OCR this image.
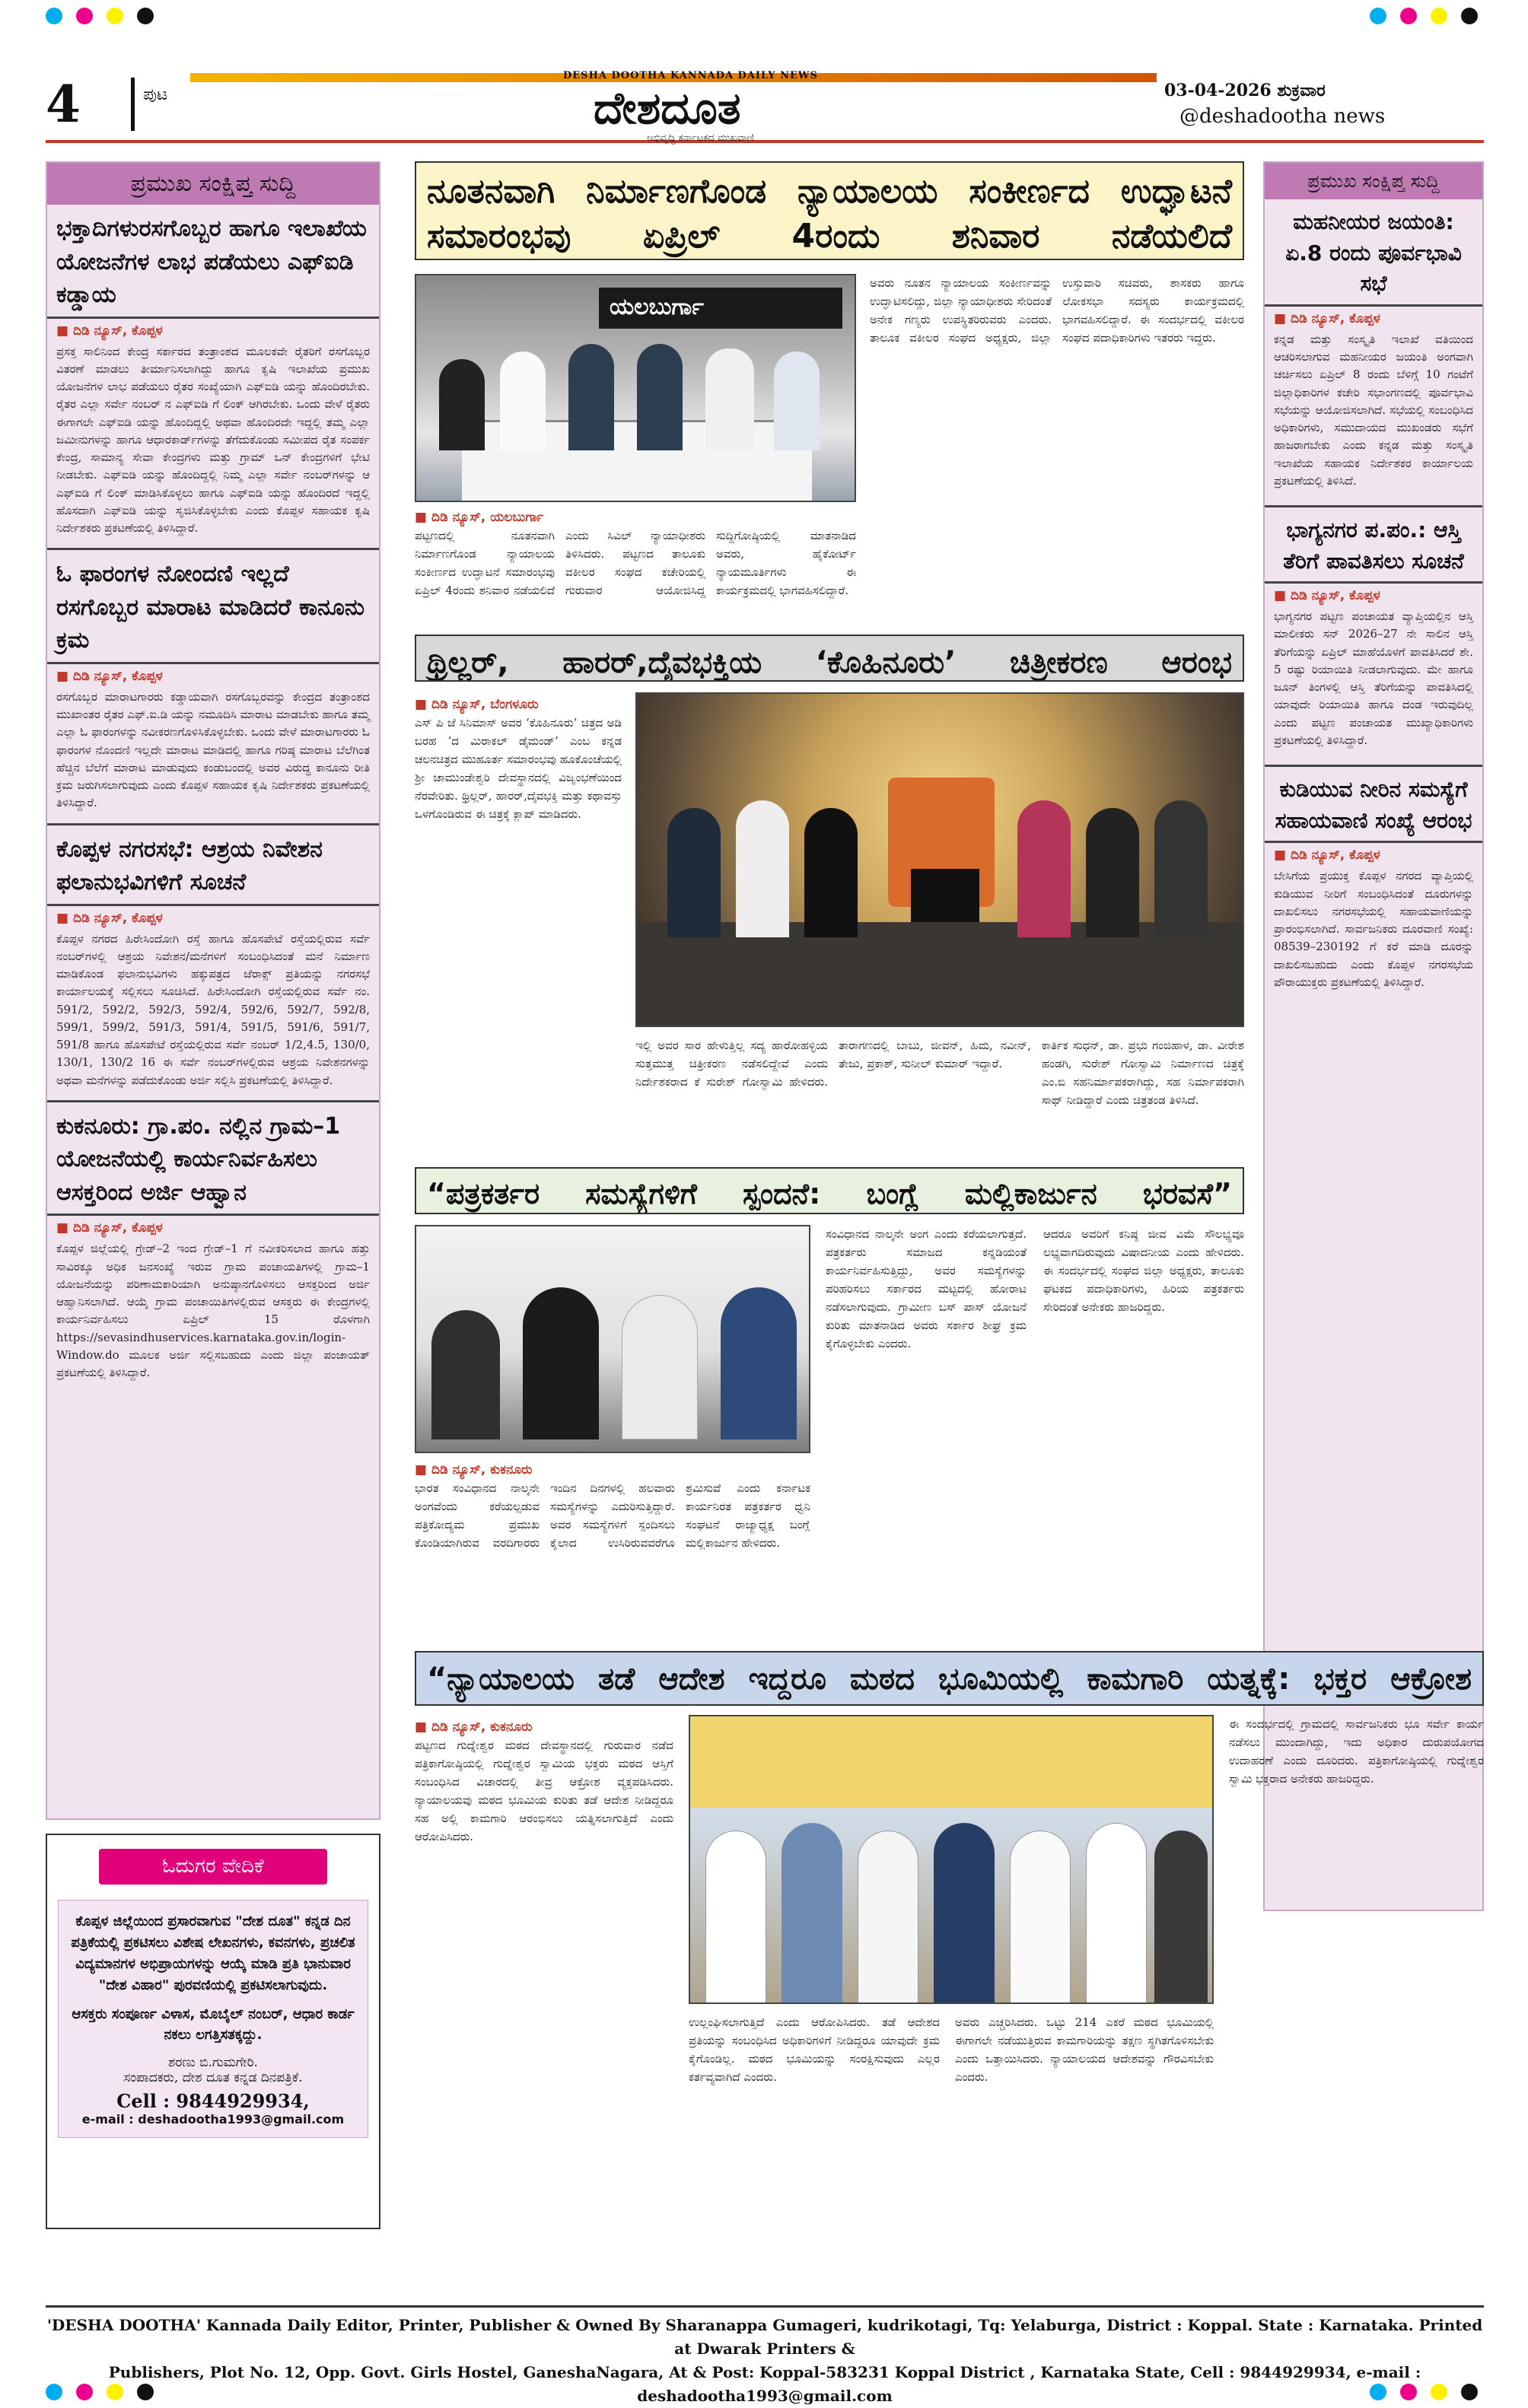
4	ಪುಟ
DESHA DOOTHA KANNADA DAILY NEWS
ದೇಶದೂತ
ಅಭಿವೃದ್ಧಿ ಕರ್ನಾಟಕದ ಮುಖವಾಣಿ
03-04-2026 ಶುಕ್ರವಾರ
@deshadootha news
ಪ್ರಮುಖ ಸಂಕ್ಷಿಪ್ತ ಸುದ್ದಿ
ಭಕ್ತಾದಿಗಳುರಸಗೊಬ್ಬರ ಹಾಗೂ ಇಲಾಖೆಯ ಯೋಜನೆಗಳ ಲಾಭ ಪಡೆಯಲು ಎಫ್ಐಡಿ ಕಡ್ಡಾಯ
■ ದಿಡಿ ನ್ಯೂಸ್, ಕೊಪ್ಪಳ
ಪ್ರಸಕ್ತ ಸಾಲಿನಿಂದ ಕೇಂದ್ರ ಸರ್ಕಾರದ ತಂತ್ರಾಂಶದ ಮೂಲಕವೇ ರೈತರಿಗೆ ರಸಗೊಬ್ಬರ ವಿತರಣೆ ಮಾಡಲು ತೀರ್ಮಾನಿಸಲಾಗಿದ್ದು ಹಾಗೂ ಕೃಷಿ ಇಲಾಖೆಯ ಪ್ರಮುಖ ಯೋಜನೆಗಳ ಲಾಭ ಪಡೆಯಲು ರೈತರ ಸಂಖ್ಯೆಯಾಗಿ ಎಫ್ಐಡಿ ಯನ್ನು ಹೊಂದಿರಬೇಕು. ರೈತರ ಎಲ್ಲಾ ಸರ್ವೇ ನಂಬರ್ ನ ಎಫ್ಐಡಿ ಗೆ ಲಿಂಕ್ ಆಗಿರಬೇಕು. ಒಂದು ವೇಳೆ ರೈತರು ಈಗಾಗಲೇ ಎಫ್ಐಡಿ ಯನ್ನು ಹೊಂದಿದ್ದಲ್ಲಿ ಅಥವಾ ಹೊಂದಿರದೇ ಇದ್ದಲ್ಲಿ ತಮ್ಮ ಎಲ್ಲಾ ಜಮೀನುಗಳನ್ನು ಹಾಗೂ ಆಧಾರಕಾರ್ಡ್‌ಗಳನ್ನು ತೆಗೆದುಕೊಂಡು ಸಮೀಪದ ರೈತ ಸಂಪರ್ಕ ಕೇಂದ್ರ, ಸಾಮಾನ್ಯ ಸೇವಾ ಕೇಂದ್ರಗಳು ಮತ್ತು ಗ್ರಾಮ್ ಒನ್ ಕೇಂದ್ರಗಳಿಗೆ ಭೇಟಿ ನೀಡಬೇಕು. ಎಫ್ಐಡಿ ಯನ್ನು ಹೊಂದಿದ್ದಲ್ಲಿ ನಿಮ್ಮ ಎಲ್ಲಾ ಸರ್ವೇ ನಂಬರ್‌ಗಳನ್ನು ಆ ಎಫ್ಐಡಿ ಗೆ ಲಿಂಕ್ ಮಾಡಿಸಿಕೊಳ್ಳಲು ಹಾಗೂ ಎಫ್ಐಡಿ ಯನ್ನು ಹೊಂದಿರದೆ ಇದ್ದಲ್ಲಿ ಹೊಸದಾಗಿ ಎಫ್ಐಡಿ ಯನ್ನು ಸೃಜಿಸಿಕೊಳ್ಳಬೇಕು ಎಂದು ಕೊಪ್ಪಳ ಸಹಾಯಕ ಕೃಷಿ ನಿರ್ದೇಶಕರು ಪ್ರಕಟಣೆಯಲ್ಲಿ ತಿಳಿಸಿದ್ದಾರೆ.
ಓ ಫಾರಂಗಳ ನೋಂದಣಿ ಇಲ್ಲದೆ ರಸಗೊಬ್ಬರ ಮಾರಾಟ ಮಾಡಿದರೆ ಕಾನೂನು ಕ್ರಮ
■ ದಿಡಿ ನ್ಯೂಸ್, ಕೊಪ್ಪಳ
ರಸಗೊಬ್ಬರ ಮಾರಾಟಗಾರರು ಕಡ್ಡಾಯವಾಗಿ ರಸಗೊಬ್ಬರವನ್ನು ಕೇಂದ್ರದ ತಂತ್ರಾಂಶದ ಮುಖಾಂತರ ರೈತರ ಎಫ್.ಐ.ಡಿ ಯನ್ನು ನಮೂದಿಸಿ ಮಾರಾಟ ಮಾಡಬೇಕು ಹಾಗೂ ತಮ್ಮ ಎಲ್ಲಾ ಓ ಫಾರಂಗಳನ್ನು ನವೀಕರಣಗೊಳಿಸಿಕೊಳ್ಳಬೇಕು. ಒಂದು ವೇಳೆ ಮಾರಾಟಗಾರರು ಓ ಫಾರಂಗಳ ನೊಂದಣಿ ಇಲ್ಲದೇ ಮಾರಾಟ ಮಾಡಿದಲ್ಲಿ ಹಾಗೂ ಗರಿಷ್ಠ ಮಾರಾಟ ಬೆಲೆಗಿಂತ ಹೆಚ್ಚಿನ ಬೆಲೆಗೆ ಮಾರಾಟ ಮಾಡುವುದು ಕಂಡುಬಂದಲ್ಲಿ ಅವರ ವಿರುದ್ಧ ಕಾನೂನು ರೀತಿ ಕ್ರಮ ಜರುಗಿಸಲಾಗುವುದು ಎಂದು ಕೊಪ್ಪಳ ಸಹಾಯಕ ಕೃಷಿ ನಿರ್ದೇಶಕರು ಪ್ರಕಟಣೆಯಲ್ಲಿ ತಿಳಿಸಿದ್ದಾರೆ.
ಕೊಪ್ಪಳ ನಗರಸಭೆ: ಆಶ್ರಯ ನಿವೇಶನ ಫಲಾನುಭವಿಗಳಿಗೆ ಸೂಚನೆ
■ ದಿಡಿ ನ್ಯೂಸ್, ಕೊಪ್ಪಳ
ಕೊಪ್ಪಳ ನಗರದ ಹಿರೇಸಿಂದೋಗಿ ರಸ್ತೆ ಹಾಗೂ ಹೊಸಪೇಟೆ ರಸ್ತೆಯಲ್ಲಿರುವ ಸರ್ವೆ ನಂಬರ್‌ಗಳಲ್ಲಿ ಆಶ್ರಯ ನಿವೇಶನ/ಮನೆಗಳಿಗೆ ಸಂಬಂಧಿಸಿದಂತೆ ಮನೆ ನಿರ್ಮಾಣ ಮಾಡಿಕೊಂಡ ಫಲಾನುಭವಿಗಳು ಹಕ್ಕುಪತ್ರದ ಜೆರಾಕ್ಸ್ ಪ್ರತಿಯನ್ನು ನಗರಸಭೆ ಕಾರ್ಯಾಲಯಕ್ಕೆ ಸಲ್ಲಿಸಲು ಸೂಚಿಸಿದೆ. ಹಿರೇಸಿಂದೋಗಿ ರಸ್ತೆಯಲ್ಲಿರುವ ಸರ್ವೆ ನಂ. 591/2, 592/2, 592/3, 592/4, 592/6, 592/7, 592/8, 599/1, 599/2, 591/3, 591/4, 591/5, 591/6, 591/7, 591/8 ಹಾಗೂ ಹೊಸಪೇಟೆ ರಸ್ತೆಯಲ್ಲಿರುವ ಸರ್ವೆ ನಂಬರ್ 1/2,4.5, 130/0, 130/1, 130/2 16 ಈ ಸರ್ವೆ ನಂಬರ್‌ಗಳಲ್ಲಿರುವ ಆಶ್ರಯ ನಿವೇಶನಗಳನ್ನು ಅಥವಾ ಮನೆಗಳನ್ನು ಪಡೆದುಕೊಂಡು ಅರ್ಜಿ ಸಲ್ಲಿಸಿ ಪ್ರಕಟಣೆಯಲ್ಲಿ ತಿಳಿಸಿದ್ದಾರೆ.
ಕುಕನೂರು: ಗ್ರಾ.ಪಂ. ನಲ್ಲಿನ ಗ್ರಾಮ–1 ಯೋಜನೆಯಲ್ಲಿ ಕಾರ್ಯನಿರ್ವಹಿಸಲು ಆಸಕ್ತರಿಂದ ಅರ್ಜಿ ಆಹ್ವಾನ
■ ದಿಡಿ ನ್ಯೂಸ್, ಕೊಪ್ಪಳ
ಕೊಪ್ಪಳ ಜಿಲ್ಲೆಯಲ್ಲಿ ಗ್ರೇಡ್–2 ಇಂದ ಗ್ರೇಡ್–1 ಗೆ ನವೀಕರಿಸಲಾದ ಹಾಗೂ ಹತ್ತು ಸಾವಿರಕ್ಕೂ ಅಧಿಕ ಜನಸಂಖ್ಯೆ ಇರುವ ಗ್ರಾಮ ಪಂಚಾಯತಿಗಳಲ್ಲಿ ಗ್ರಾಮ–1 ಯೋಜನೆಯನ್ನು ಪರಿಣಾಮಕಾರಿಯಾಗಿ ಅನುಷ್ಠಾನಗೊಳಿಸಲು ಆಸಕ್ತರಿಂದ ಅರ್ಜಿ ಆಹ್ವಾನಿಸಲಾಗಿದೆ. ಆಯ್ಕೆ ಗ್ರಾಮ ಪಂಚಾಯಿತಿಗಳಲ್ಲಿರುವ ಆಸಕ್ತರು ಈ ಕೇಂದ್ರಗಳಲ್ಲಿ ಕಾರ್ಯನಿರ್ವಹಿಸಲು ಏಪ್ರಿಲ್ 15 ರೊಳಗಾಗಿ https://sevasindhuservices.karnataka.gov.in/login-Window.do ಮೂಲಕ ಅರ್ಜಿ ಸಲ್ಲಿಸಬಹುದು ಎಂದು ಜಿಲ್ಲಾ ಪಂಚಾಯತ್ ಪ್ರಕಟಣೆಯಲ್ಲಿ ತಿಳಿಸಿದ್ದಾರೆ.
ಓದುಗರ ವೇದಿಕೆ
ಕೊಪ್ಪಳ ಜಿಲ್ಲೆಯಿಂದ ಪ್ರಸಾರವಾಗುವ "ದೇಶ ದೂತ" ಕನ್ನಡ ದಿನ ಪತ್ರಿಕೆಯಲ್ಲಿ ಪ್ರಕಟಿಸಲು ವಿಶೇಷ ಲೇಖನಗಳು, ಕವನಗಳು, ಪ್ರಚಲಿತ ವಿದ್ಯಮಾನಗಳ ಅಭಿಪ್ರಾಯಗಳನ್ನು ಆಯ್ಕೆ ಮಾಡಿ ಪ್ರತಿ ಭಾನುವಾರ "ದೇಶ ವಿಹಾರ" ಪುರವಣಿಯಲ್ಲಿ ಪ್ರಕಟಿಸಲಾಗುವುದು.
ಆಸಕ್ತರು ಸಂಪೂರ್ಣ ವಿಳಾಸ, ಮೊಬೈಲ್ ನಂಬರ್, ಆಧಾರ ಕಾರ್ಡ ನಕಲು ಲಗತ್ತಿಸತಕ್ಕದ್ದು.
ಶರಣು ಬಿ.ಗುಮಗೇರಿ.
ಸಂಪಾದಕರು, ದೇಶ ದೂತ ಕನ್ನಡ ದಿನಪತ್ರಿಕೆ.
Cell : 9844929934,
e-mail : deshadootha1993@gmail.com
ಪ್ರಮುಖ ಸಂಕ್ಷಿಪ್ತ ಸುದ್ದಿ
ಮಹನೀಯರ ಜಯಂತಿ: ಏ.8 ರಂದು ಪೂರ್ವಭಾವಿ ಸಭೆ
■ ದಿಡಿ ನ್ಯೂಸ್, ಕೊಪ್ಪಳ
ಕನ್ನಡ ಮತ್ತು ಸಂಸ್ಕೃತಿ ಇಲಾಖೆ ವತಿಯಿಂದ ಆಚರಿಸಲಾಗುವ ಮಹನೀಯರ ಜಯಂತಿ ಅಂಗವಾಗಿ ಚರ್ಚಿಸಲು ಏಪ್ರಿಲ್ 8 ರಂದು ಬೆಳಿಗ್ಗೆ 10 ಗಂಟೆಗೆ ಜಿಲ್ಲಾಧಿಕಾರಿಗಳ ಕಚೇರಿ ಸಭಾಂಗಣದಲ್ಲಿ ಪೂರ್ವಭಾವಿ ಸಭೆಯನ್ನು ಆಯೋಜಿಸಲಾಗಿದೆ. ಸಭೆಯಲ್ಲಿ ಸಂಬಂಧಿಸಿದ ಅಧಿಕಾರಿಗಳು, ಸಮುದಾಯದ ಮುಖಂಡರು ಸಭೆಗೆ ಹಾಜರಾಗಬೇಕು ಎಂದು ಕನ್ನಡ ಮತ್ತು ಸಂಸ್ಕೃತಿ ಇಲಾಖೆಯ ಸಹಾಯಕ ನಿರ್ದೇಶಕರ ಕಾರ್ಯಾಲಯ ಪ್ರಕಟಣೆಯಲ್ಲಿ ತಿಳಿಸಿದೆ.
ಭಾಗ್ಯನಗರ ಪ.ಪಂ.: ಆಸ್ತಿ ತೆರಿಗೆ ಪಾವತಿಸಲು ಸೂಚನೆ
■ ದಿಡಿ ನ್ಯೂಸ್, ಕೊಪ್ಪಳ
ಭಾಗ್ಯನಗರ ಪಟ್ಟಣ ಪಂಚಾಯತ ವ್ಯಾಪ್ತಿಯಲ್ಲಿನ ಆಸ್ತಿ ಮಾಲೀಕರು ಸನ್ 2026–27 ನೇ ಸಾಲಿನ ಆಸ್ತಿ ತೆರಿಗೆಯನ್ನು ಏಪ್ರಿಲ್ ಮಾಹೆಯೊಳಗೆ ಪಾವತಿಸಿದರೆ ಶೇ. 5 ರಷ್ಟು ರಿಯಾಯಿತಿ ನೀಡಲಾಗುವುದು. ಮೇ ಹಾಗೂ ಜೂನ್ ತಿಂಗಳಲ್ಲಿ ಆಸ್ತಿ ತೆರಿಗೆಯನ್ನು ಪಾವತಿಸಿದಲ್ಲಿ ಯಾವುದೇ ರಿಯಾಯಿತಿ ಹಾಗೂ ದಂಡ ಇರುವುದಿಲ್ಲ ಎಂದು ಪಟ್ಟಣ ಪಂಚಾಯತ ಮುಖ್ಯಾಧಿಕಾರಿಗಳು ಪ್ರಕಟಣೆಯಲ್ಲಿ ತಿಳಿಸಿದ್ದಾರೆ.
ಕುಡಿಯುವ ನೀರಿನ ಸಮಸ್ಯೆಗೆ ಸಹಾಯವಾಣಿ ಸಂಖ್ಯೆ ಆರಂಭ
■ ದಿಡಿ ನ್ಯೂಸ್, ಕೊಪ್ಪಳ
ಬೇಸಿಗೆಯ ಪ್ರಯುಕ್ತ ಕೊಪ್ಪಳ ನಗರದ ವ್ಯಾಪ್ತಿಯಲ್ಲಿ ಕುಡಿಯುವ ನೀರಿಗೆ ಸಂಬಂಧಿಸಿದಂತೆ ದೂರುಗಳನ್ನು ದಾಖಲಿಸಲು ನಗರಸಭೆಯಲ್ಲಿ ಸಹಾಯವಾಣಿಯನ್ನು ಪ್ರಾರಂಭಿಸಲಾಗಿದೆ. ಸಾರ್ವಜನಿಕರು ದೂರವಾಣಿ ಸಂಖ್ಯೆ: 08539–230192 ಗೆ ಕರೆ ಮಾಡಿ ದೂರನ್ನು ದಾಖಲಿಸಬಹುದು ಎಂದು ಕೊಪ್ಪಳ ನಗರಸಭೆಯ ಪೌರಾಯುಕ್ತರು ಪ್ರಕಟಣೆಯಲ್ಲಿ ತಿಳಿಸಿದ್ದಾರೆ.
ನೂತನವಾಗಿ ನಿರ್ಮಾಣಗೊಂಡ ನ್ಯಾಯಾಲಯ ಸಂಕೀರ್ಣದ ಉದ್ಘಾಟನೆ ಸಮಾರಂಭವು ಏಪ್ರಿಲ್ 4ರಂದು ಶನಿವಾರ ನಡೆಯಲಿದೆ
ಯಲಬುರ್ಗಾ
■ ದಿಡಿ ನ್ಯೂಸ್, ಯಲಬುರ್ಗಾ
ಪಟ್ಟಣದಲ್ಲಿ ನೂತನವಾಗಿ ನಿರ್ಮಾಣಗೊಂಡ ನ್ಯಾಯಾಲಯ ಸಂಕೀರ್ಣದ ಉದ್ಘಾಟನೆ ಸಮಾರಂಭವು ಏಪ್ರಿಲ್ 4ರಂದು ಶನಿವಾರ ನಡೆಯಲಿದೆ ಎಂದು ಸಿವಿಲ್ ನ್ಯಾಯಾಧೀಶರು ತಿಳಿಸಿದರು. ಪಟ್ಟಣದ ತಾಲೂಕು ವಕೀಲರ ಸಂಘದ ಕಚೇರಿಯಲ್ಲಿ ಗುರುವಾರ ಆಯೋಜಿಸಿದ್ದ ಸುದ್ದಿಗೋಷ್ಠಿಯಲ್ಲಿ ಮಾತನಾಡಿದ ಅವರು, ಹೈಕೋರ್ಟ್ ನ್ಯಾಯಮೂರ್ತಿಗಳು ಈ ಕಾರ್ಯಕ್ರಮದಲ್ಲಿ ಭಾಗವಹಿಸಲಿದ್ದಾರೆ.
ಅವರು ನೂತನ ನ್ಯಾಯಾಲಯ ಸಂಕೀರ್ಣವನ್ನು ಉದ್ಘಾಟಿಸಲಿದ್ದು, ಜಿಲ್ಲಾ ನ್ಯಾಯಾಧೀಶರು ಸೇರಿದಂತೆ ಅನೇಕ ಗಣ್ಯರು ಉಪಸ್ಥಿತರಿರುವರು ಎಂದರು. ತಾಲೂಕ ವಕೀಲರ ಸಂಘದ ಅಧ್ಯಕ್ಷರು, ಜಿಲ್ಲಾ ಉಸ್ತುವಾರಿ ಸಚಿವರು, ಶಾಸಕರು ಹಾಗೂ ಲೋಕಸಭಾ ಸದಸ್ಯರು ಕಾರ್ಯಕ್ರಮದಲ್ಲಿ ಭಾಗವಹಿಸಲಿದ್ದಾರೆ. ಈ ಸಂದರ್ಭದಲ್ಲಿ ವಕೀಲರ ಸಂಘದ ಪದಾಧಿಕಾರಿಗಳು ಇತರರು ಇದ್ದರು.
ಥ್ರಿಲ್ಲರ್, ಹಾರರ್,ದೈವಭಕ್ತಿಯ ‘ಕೊಹಿನೂರು’ ಚಿತ್ರೀಕರಣ ಆರಂಭ
■ ದಿಡಿ ನ್ಯೂಸ್, ಬೆಂಗಳೂರು
ಎಸ್ ಪಿ ಜೆ ಸಿನಿಮಾಸ್ ಅವರ ‘ಕೊಹಿನೂರು’ ಚಿತ್ರದ ಅಡಿ ಬರಹ ‘ದ ಮಿರಾಕಲ್ ಡೈಮಂಡ್’ ಎಂಬ ಕನ್ನಡ ಚಲನಚಿತ್ರದ ಮುಹೂರ್ತ ಸಮಾರಂಭವು ಹೂಕೊಂಚೆಯಲ್ಲಿ ಶ್ರೀ ಚಾಮುಂಡೇಶ್ವರಿ ದೇವಸ್ಥಾನದಲ್ಲಿ ವಿಜೃಂಭಣೆಯಿಂದ ನೆರವೇರಿತು. ಥ್ರಿಲ್ಲರ್, ಹಾರರ್,ದೈವಭಕ್ತಿ ಮತ್ತು ಕಥಾವಸ್ತು ಒಳಗೊಂಡಿರುವ ಈ ಚಿತ್ರಕ್ಕೆ ಕ್ಲಾಪ್ ಮಾಡಿದರು.
ಇಲ್ಲಿ ಅವರ ಸಾರ ಹೇಳುತ್ತಿಲ್ಲ ಸದ್ಯ ಹಾರೋಹಳ್ಳಿಯ ಸುತ್ತಮುತ್ತ ಚಿತ್ರೀಕರಣ ನಡೆಸಲಿದ್ದೇವೆ ಎಂದು ನಿರ್ದೇಶಕರಾದ ಕೆ ಸುರೇಶ್ ಗೋಸ್ವಾಮಿ ಹೇಳಿದರು. ತಾರಾಗಣದಲ್ಲಿ ಬಾಬು, ಜೀವನ್, ಹಿಮ, ನವೀನ್, ತೇಜು, ಪ್ರಕಾಶ್, ಸುನೀಲ್ ಕುಮಾರ್ ಇದ್ದಾರೆ.
ಕಾರ್ತಿಕ ಸುಧನ್, ಡಾ. ಪ್ರಭು ಗಂಜಿಹಾಳ, ಡಾ. ವೀರೇಶ ಹಂಡಗಿ, ಸುರೇಶ್ ಗೋಸ್ವಾಮಿ ನಿರ್ಮಾಣದ ಚಿತ್ರಕ್ಕೆ ಎಂ.ಬಿ ಸಹನಿರ್ಮಾಪಕರಾಗಿದ್ದು, ಸಹ ನಿರ್ಮಾಪಕರಾಗಿ ಸಾಥ್ ನೀಡಿದ್ದಾರೆ ಎಂದು ಚಿತ್ರತಂಡ ತಿಳಿಸಿದೆ.
“ಪತ್ರಕರ್ತರ ಸಮಸ್ಯೆಗಳಿಗೆ ಸ್ಪಂದನೆ: ಬಂಗ್ಲೆ ಮಲ್ಲಿಕಾರ್ಜುನ ಭರವಸೆ”
■ ದಿಡಿ ನ್ಯೂಸ್, ಕುಕನೂರು
ಭಾರತ ಸಂವಿಧಾನದ ನಾಲ್ಕನೇ ಅಂಗವೆಂದು ಕರೆಯಲ್ಪಡುವ ಪತ್ರಿಕೋದ್ಯಮ ಪ್ರಮುಖ ಕೊಂಡಿಯಾಗಿರುವ ವರದಿಗಾರರು ಇಂದಿನ ದಿನಗಳಲ್ಲಿ ಹಲವಾರು ಸಮಸ್ಯೆಗಳನ್ನು ಎದುರಿಸುತ್ತಿದ್ದಾರೆ. ಅವರ ಸಮಸ್ಯೆಗಳಿಗೆ ಸ್ಪಂದಿಸಲು ಕೈಲಾದ ಉಸಿರಿರುವವರೆಗೂ ಶ್ರಮಿಸುವೆ ಎಂದು ಕರ್ನಾಟಕ ಕಾರ್ಯನಿರತ ಪತ್ರಕರ್ತರ ಧ್ವನಿ ಸಂಘಟನೆ ರಾಜ್ಯಾಧ್ಯಕ್ಷ ಬಂಗ್ಲೆ ಮಲ್ಲಿಕಾರ್ಜುನ ಹೇಳಿದರು.
ಸಂವಿಧಾನದ ನಾಲ್ಕನೇ ಅಂಗ ಎಂದು ಕರೆಯಲಾಗುತ್ತದೆ. ಪತ್ರಕರ್ತರು ಸಮಾಜದ ಕನ್ನಡಿಯಂತೆ ಕಾರ್ಯನಿರ್ವಹಿಸುತ್ತಿದ್ದು, ಅವರ ಸಮಸ್ಯೆಗಳನ್ನು ಪರಿಹರಿಸಲು ಸರ್ಕಾರದ ಮಟ್ಟದಲ್ಲಿ ಹೋರಾಟ ನಡೆಸಲಾಗುವುದು. ಗ್ರಾಮೀಣ ಬಸ್ ಪಾಸ್ ಯೋಜನೆ ಕುರಿತು ಮಾತನಾಡಿದ ಅವರು ಸರ್ಕಾರ ಶೀಘ್ರ ಕ್ರಮ ಕೈಗೊಳ್ಳಬೇಕು ಎಂದರು.
ಆದರೂ ಅವರಿಗೆ ಕನಿಷ್ಠ ಜೀವ ವಿಮೆ ಸೌಲಭ್ಯವೂ ಲಭ್ಯವಾಗದಿರುವುದು ವಿಷಾದನೀಯ ಎಂದು ಹೇಳಿದರು. ಈ ಸಂದರ್ಭದಲ್ಲಿ ಸಂಘದ ಜಿಲ್ಲಾ ಅಧ್ಯಕ್ಷರು, ತಾಲೂಕು ಘಟಕದ ಪದಾಧಿಕಾರಿಗಳು, ಹಿರಿಯ ಪತ್ರಕರ್ತರು ಸೇರಿದಂತೆ ಅನೇಕರು ಹಾಜರಿದ್ದರು.
“ನ್ಯಾಯಾಲಯ ತಡೆ ಆದೇಶ ಇದ್ದರೂ ಮಠದ ಭೂಮಿಯಲ್ಲಿ ಕಾಮಗಾರಿ ಯತ್ನಕ್ಕೆ: ಭಕ್ತರ ಆಕ್ರೋಶ
■ ದಿಡಿ ನ್ಯೂಸ್, ಕುಕನೂರು
ಪಟ್ಟಣದ ಗುದ್ನೇಶ್ವರ ಮಠದ ದೇವಸ್ಥಾನದಲ್ಲಿ ಗುರುವಾರ ನಡೆದ ಪತ್ರಿಕಾಗೋಷ್ಠಿಯಲ್ಲಿ ಗುದ್ನೇಶ್ವರ ಸ್ವಾಮಿಯ ಭಕ್ತರು ಮಠದ ಆಸ್ತಿಗೆ ಸಂಬಂಧಿಸಿದ ವಿಚಾರದಲ್ಲಿ ತೀವ್ರ ಆಕ್ರೋಶ ವ್ಯಕ್ತಪಡಿಸಿದರು. ನ್ಯಾಯಾಲಯವು ಮಠದ ಭೂಮಿಯ ಕುರಿತು ತಡೆ ಆದೇಶ ನೀಡಿದ್ದರೂ ಸಹ ಅಲ್ಲಿ ಕಾಮಗಾರಿ ಆರಂಭಿಸಲು ಯತ್ನಿಸಲಾಗುತ್ತಿದೆ ಎಂದು ಆರೋಪಿಸಿದರು.
ಉಲ್ಲಂಘಿಸಲಾಗುತ್ತಿದೆ ಎಂದು ಆರೋಪಿಸಿದರು. ತಡೆ ಆದೇಶದ ಪ್ರತಿಯನ್ನು ಸಂಬಂಧಿಸಿದ ಅಧಿಕಾರಿಗಳಿಗೆ ನೀಡಿದ್ದರೂ ಯಾವುದೇ ಕ್ರಮ ಕೈಗೊಂಡಿಲ್ಲ. ಮಠದ ಭೂಮಿಯನ್ನು ಸಂರಕ್ಷಿಸುವುದು ಎಲ್ಲರ ಕರ್ತವ್ಯವಾಗಿದೆ ಎಂದರು.
ಅವರು ಎಚ್ಚರಿಸಿದರು. ಒಟ್ಟು 214 ಎಕರೆ ಮಠದ ಭೂಮಿಯಲ್ಲಿ ಈಗಾಗಲೇ ನಡೆಯುತ್ತಿರುವ ಕಾಮಗಾರಿಯನ್ನು ತಕ್ಷಣ ಸ್ಥಗಿತಗೊಳಿಸಬೇಕು ಎಂದು ಒತ್ತಾಯಿಸಿದರು. ನ್ಯಾಯಾಲಯದ ಆದೇಶವನ್ನು ಗೌರವಿಸಬೇಕು ಎಂದರು.
ಈ ಸಂದರ್ಭದಲ್ಲಿ ಗ್ರಾಮದಲ್ಲಿ ಸಾರ್ವಜನಿಕರು ಭೂ ಸರ್ವೇ ಕಾರ್ಯ ನಡೆಸಲು ಮುಂದಾಗಿದ್ದು, ಇದು ಅಧಿಕಾರ ದುರುಪಯೋಗದ ಉದಾಹರಣೆ ಎಂದು ದೂರಿದರು. ಪತ್ರಿಕಾಗೋಷ್ಠಿಯಲ್ಲಿ ಗುದ್ನೇಶ್ವರ ಸ್ವಾಮಿ ಭಕ್ತರಾದ ಅನೇಕರು ಹಾಜರಿದ್ದರು.
'DESHA DOOTHA' Kannada Daily Editor, Printer, Publisher & Owned By Sharanappa Gumageri, kudrikotagi, Tq: Yelaburga, District : Koppal. State : Karnataka. Printed at Dwarak Printers &
Publishers, Plot No. 12, Opp. Govt. Girls Hostel, GaneshaNagara, At & Post: Koppal-583231 Koppal District , Karnataka State, Cell : 9844929934, e-mail : deshadootha1993@gmail.com
